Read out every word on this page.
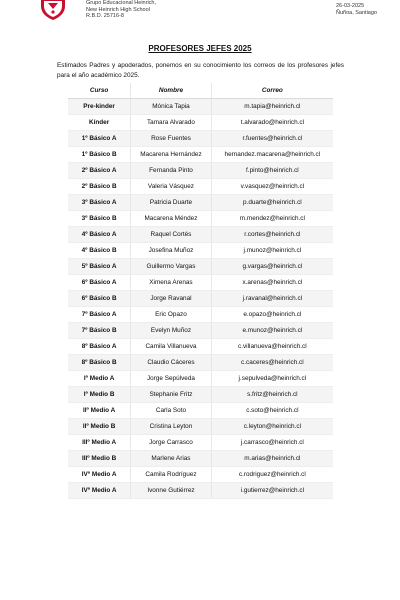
Grupo Educacional Heinrich,
New Heinrich High School
R.B.D. 25716-8
26-03-2025
Ñuñoa, Santiago
PROFESORES JEFES 2025
Estimados Padres y apoderados, ponemos en su conocimiento los correos de los profesores jefes para el año académico 2025.
Curso	Nombre	Correo
Pre-kinder	Mónica Tapia	m.tapia@heinrich.cl
Kínder	Tamara Alvarado	t.alvarado@heinrich.cl
1º Básico A	Rose Fuentes	r.fuentes@heinrich.cl
1º Básico B	Macarena Hernández	hernandez.macarena@heinrich.cl
2º Básico A	Fernanda Pinto	f.pinto@heinrich.cl
2º Básico B	Valeria Vásquez	v.vasquez@heinrich.cl
3º Básico A	Patricia Duarte	p.duarte@heinrich.cl
3º Básico B	Macarena Méndez	m.mendez@heinrich.cl
4º Básico A	Raquel Cortés	r.cortes@heinrich.cl
4º Básico B	Josefina Muñoz	j.munoz@heinrich.cl
5º Básico A	Guillermo Vargas	g.vargas@heinrich.cl
6º Básico A	Ximena Arenas	x.arenas@heinrich.cl
6º Básico B	Jorge Ravanal	j.ravanal@heinrich.cl
7º Básico A	Eric Opazo	e.opazo@heinrich.cl
7º Básico B	Evelyn Muñoz	e.munoz@heinrich.cl
8º Básico A	Camila Villanueva	c.villanueva@heinrich.cl
8º Básico B	Claudio Cáceres	c.caceres@heinrich.cl
Iº Medio A	Jorge Sepúlveda	j.sepulveda@heinrich.cl
Iº Medio B	Stephanie Fritz	s.fritz@heinrich.cl
IIº Medio A	Carla Soto	c.soto@heinrich.cl
IIº Medio B	Cristina Leyton	c.leyton@heinrich.cl
IIIº Medio A	Jorge Carrasco	j.carrasco@heinrich.cl
IIIº Medio B	Marlene Arias	m.arias@heinrich.cl
IVº Medio A	Camila Rodríguez	c.rodriguez@heinrich.cl
IVº Medio A	Ivonne Gutiérrez	i.gutierrez@heinrich.cl
